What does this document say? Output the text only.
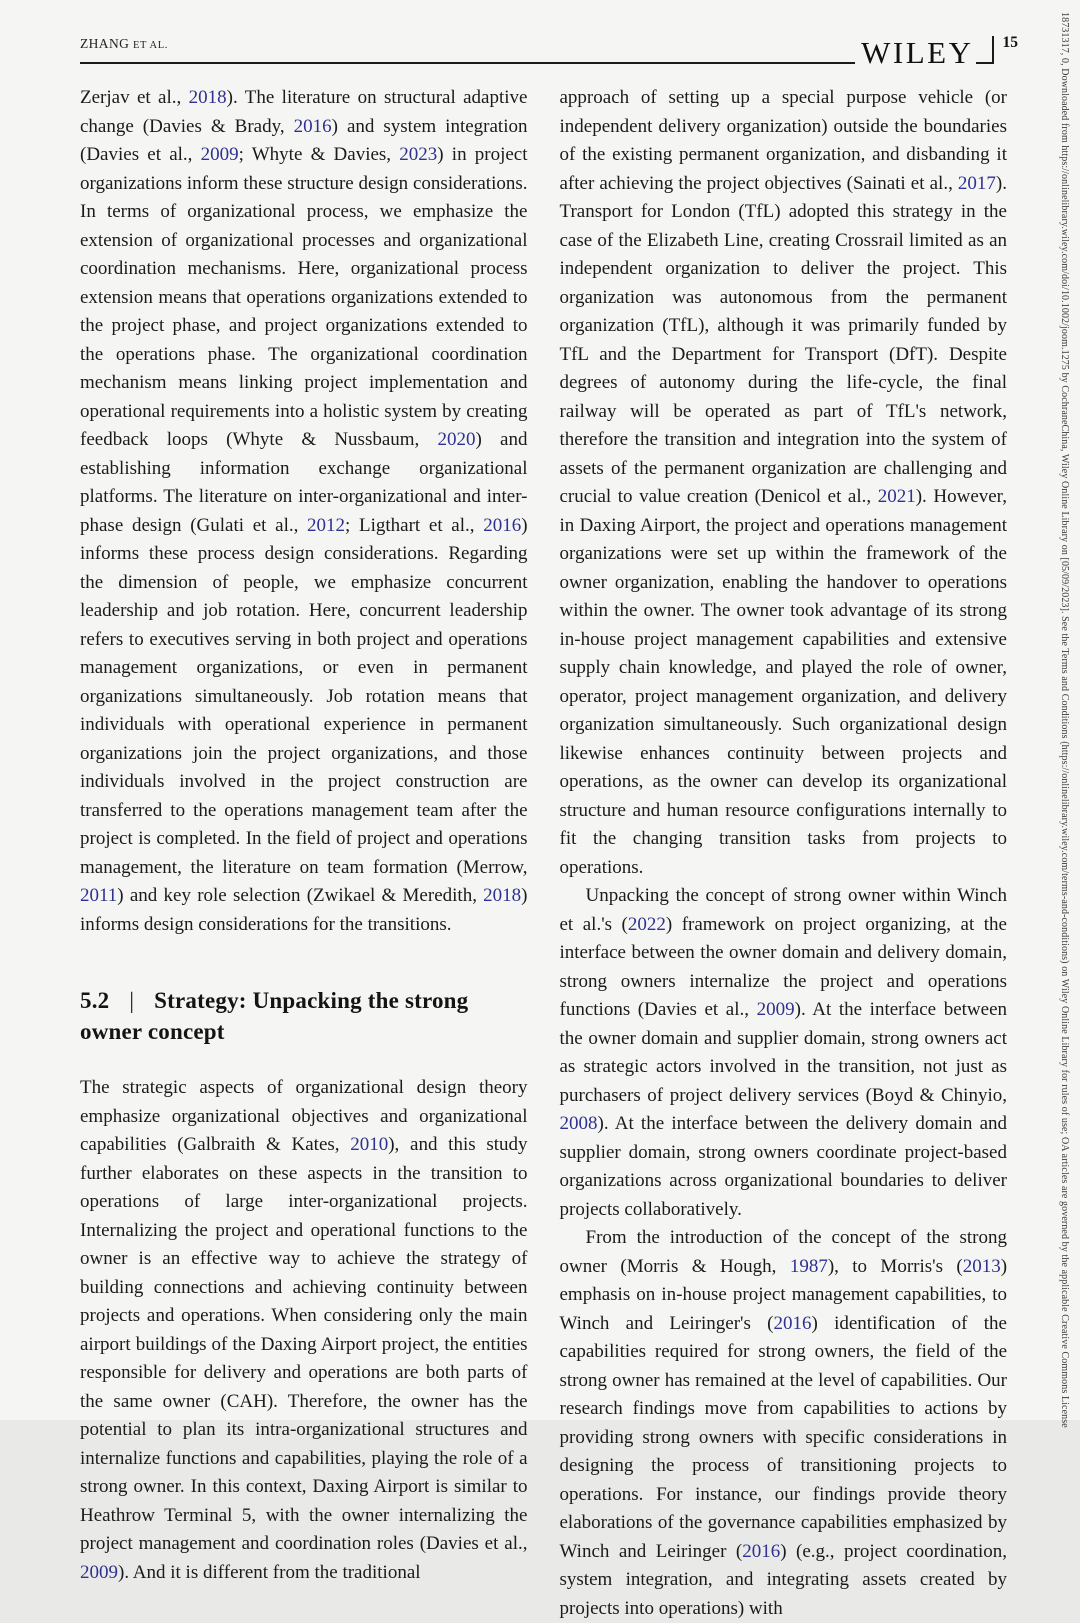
ZHANG ET AL.	WILEY	15

Zerjav et al., 2018). The literature on structural adaptive change (Davies & Brady, 2016) and system integration (Davies et al., 2009; Whyte & Davies, 2023) in project organizations inform these structure design considerations. In terms of organizational process, we emphasize the extension of organizational processes and organizational coordination mechanisms. Here, organizational process extension means that operations organizations extended to the project phase, and project organizations extended to the operations phase. The organizational coordination mechanism means linking project implementation and operational requirements into a holistic system by creating feedback loops (Whyte & Nussbaum, 2020) and establishing information exchange organizational platforms. The literature on inter-organizational and inter-phase design (Gulati et al., 2012; Ligthart et al., 2016) informs these process design considerations. Regarding the dimension of people, we emphasize concurrent leadership and job rotation. Here, concurrent leadership refers to executives serving in both project and operations management organizations, or even in permanent organizations simultaneously. Job rotation means that individuals with operational experience in permanent organizations join the project organizations, and those individuals involved in the project construction are transferred to the operations management team after the project is completed. In the field of project and operations management, the literature on team formation (Merrow, 2011) and key role selection (Zwikael & Meredith, 2018) informs design considerations for the transitions.

5.2 | Strategy: Unpacking the strong owner concept

The strategic aspects of organizational design theory emphasize organizational objectives and organizational capabilities (Galbraith & Kates, 2010), and this study further elaborates on these aspects in the transition to operations of large inter-organizational projects. Internalizing the project and operational functions to the owner is an effective way to achieve the strategy of building connections and achieving continuity between projects and operations. When considering only the main airport buildings of the Daxing Airport project, the entities responsible for delivery and operations are both parts of the same owner (CAH). Therefore, the owner has the potential to plan its intra-organizational structures and internalize functions and capabilities, playing the role of a strong owner. In this context, Daxing Airport is similar to Heathrow Terminal 5, with the owner internalizing the project management and coordination roles (Davies et al., 2009). And it is different from the traditional

approach of setting up a special purpose vehicle (or independent delivery organization) outside the boundaries of the existing permanent organization, and disbanding it after achieving the project objectives (Sainati et al., 2017). Transport for London (TfL) adopted this strategy in the case of the Elizabeth Line, creating Crossrail limited as an independent organization to deliver the project. This organization was autonomous from the permanent organization (TfL), although it was primarily funded by TfL and the Department for Transport (DfT). Despite degrees of autonomy during the life-cycle, the final railway will be operated as part of TfL's network, therefore the transition and integration into the system of assets of the permanent organization are challenging and crucial to value creation (Denicol et al., 2021). However, in Daxing Airport, the project and operations management organizations were set up within the framework of the owner organization, enabling the handover to operations within the owner. The owner took advantage of its strong in-house project management capabilities and extensive supply chain knowledge, and played the role of owner, operator, project management organization, and delivery organization simultaneously. Such organizational design likewise enhances continuity between projects and operations, as the owner can develop its organizational structure and human resource configurations internally to fit the changing transition tasks from projects to operations.

Unpacking the concept of strong owner within Winch et al.'s (2022) framework on project organizing, at the interface between the owner domain and delivery domain, strong owners internalize the project and operations functions (Davies et al., 2009). At the interface between the owner domain and supplier domain, strong owners act as strategic actors involved in the transition, not just as purchasers of project delivery services (Boyd & Chinyio, 2008). At the interface between the delivery domain and supplier domain, strong owners coordinate project-based organizations across organizational boundaries to deliver projects collaboratively.

From the introduction of the concept of the strong owner (Morris & Hough, 1987), to Morris's (2013) emphasis on in-house project management capabilities, to Winch and Leiringer's (2016) identification of the capabilities required for strong owners, the field of the strong owner has remained at the level of capabilities. Our research findings move from capabilities to actions by providing strong owners with specific considerations in designing the process of transitioning projects to operations. For instance, our findings provide theory elaborations of the governance capabilities emphasized by Winch and Leiringer (2016) (e.g., project coordination, system integration, and integrating assets created by projects into operations) with

18731317, 0, Downloaded from https://onlinelibrary.wiley.com/doi/10.1002/joom.1275 by CochraneChina, Wiley Online Library on [05/09/2023]. See the Terms and Conditions (https://onlinelibrary.wiley.com/terms-and-conditions) on Wiley Online Library for rules of use; OA articles are governed by the applicable Creative Commons License
